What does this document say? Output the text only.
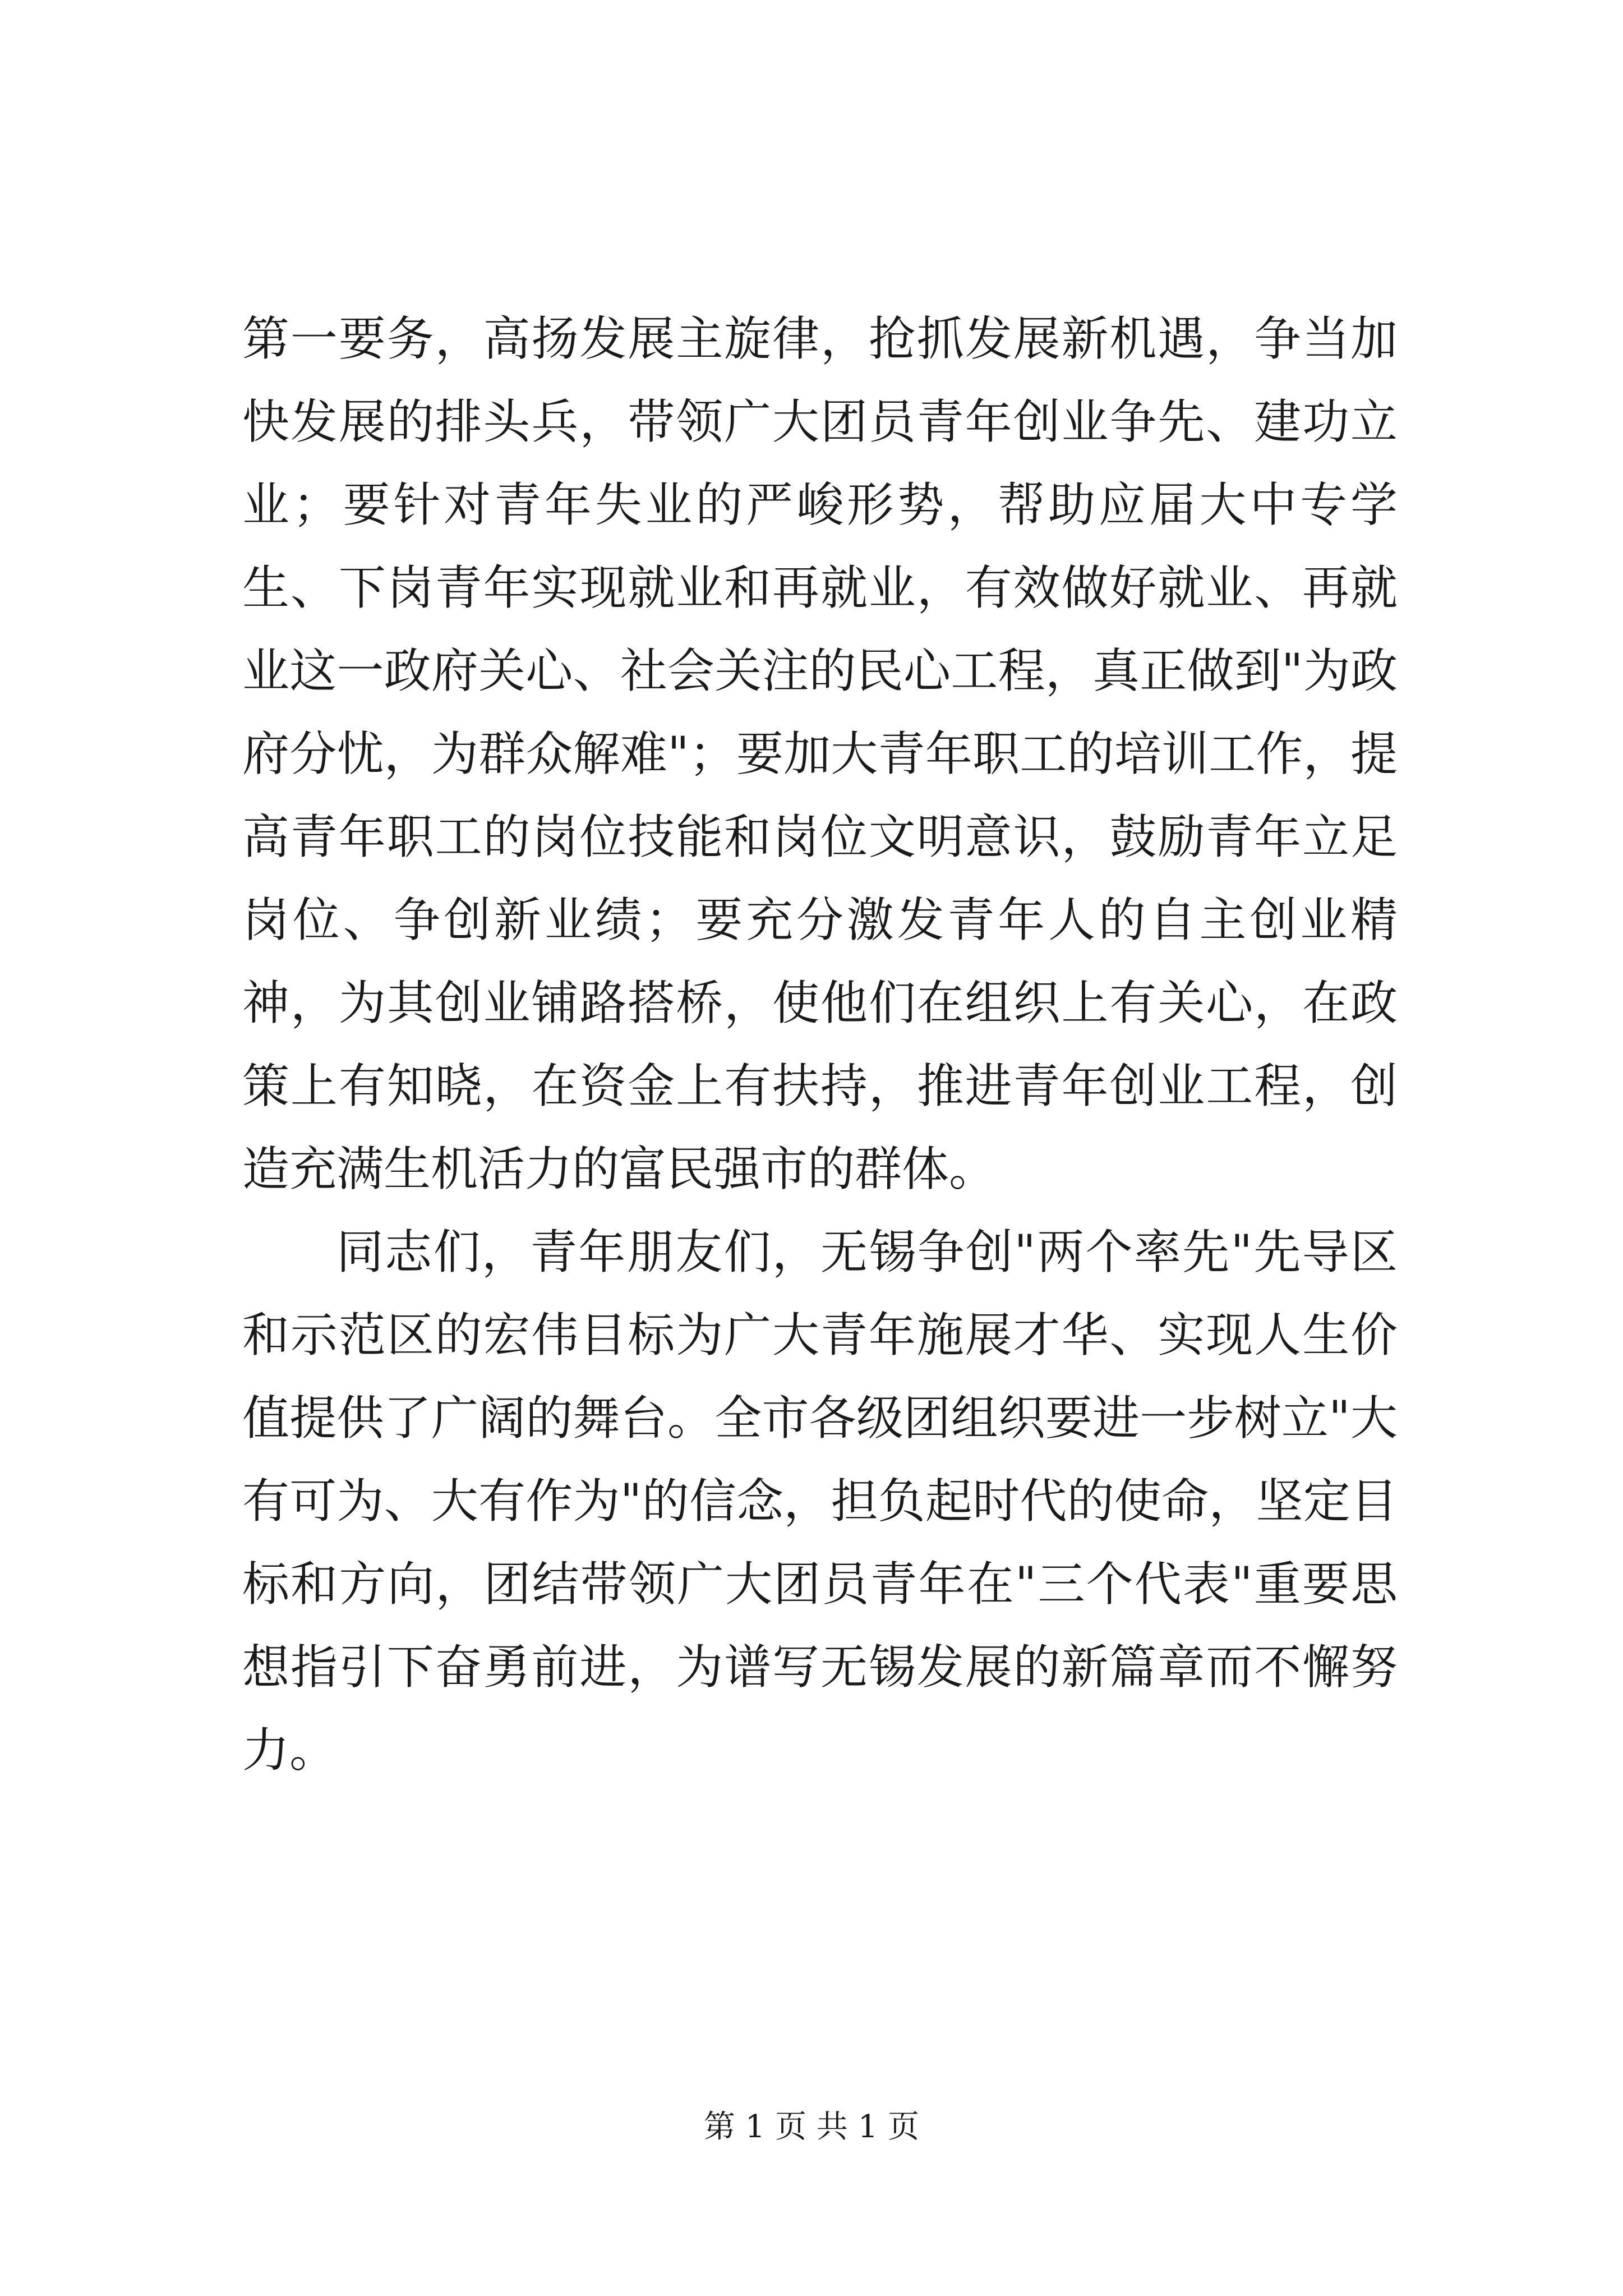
第一要务，高扬发展主旋律，抢抓发展新机遇，争当加快发展的排头兵，带领广大团员青年创业争先、建功立业；要针对青年失业的严峻形势，帮助应届大中专学生、下岗青年实现就业和再就业，有效做好就业、再就业这一政府关心、社会关注的民心工程，真正做到"为政府分忧，为群众解难"；要加大青年职工的培训工作，提高青年职工的岗位技能和岗位文明意识，鼓励青年立足岗位、争创新业绩；要充分激发青年人的自主创业精神，为其创业铺路搭桥，使他们在组织上有关心，在政策上有知晓，在资金上有扶持，推进青年创业工程，创造充满生机活力的富民强市的群体。

同志们，青年朋友们，无锡争创"两个率先"先导区和示范区的宏伟目标为广大青年施展才华、实现人生价值提供了广阔的舞台。全市各级团组织要进一步树立"大有可为、大有作为"的信念，担负起时代的使命，坚定目标和方向，团结带领广大团员青年在"三个代表"重要思想指引下奋勇前进，为谱写无锡发展的新篇章而不懈努力。

第 1 页 共 1 页
